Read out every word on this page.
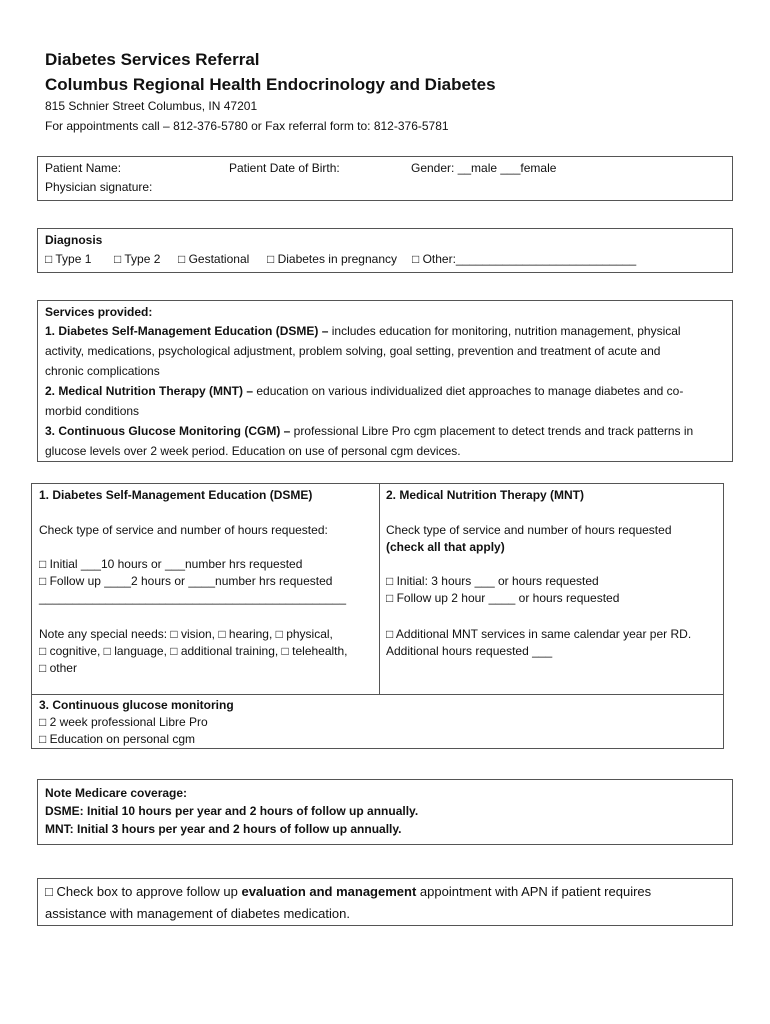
Diabetes Services Referral
Columbus Regional Health Endocrinology and Diabetes
815 Schnier Street Columbus, IN 47201
For appointments call – 812-376-5780 or Fax referral form to: 812-376-5781
Patient Name:	Patient Date of Birth:	Gender: __male ___female
Physician signature:
Diagnosis
□ Type 1 □ Type 2 □ Gestational □ Diabetes in pregnancy □ Other:___________________________
Services provided:
1. Diabetes Self-Management Education (DSME) – includes education for monitoring, nutrition management, physical
activity, medications, psychological adjustment, problem solving, goal setting, prevention and treatment of acute and
chronic complications
2. Medical Nutrition Therapy (MNT) – education on various individualized diet approaches to manage diabetes and co-
morbid conditions
3. Continuous Glucose Monitoring (CGM) – professional Libre Pro cgm placement to detect trends and track patterns in
glucose levels over 2 week period. Education on use of personal cgm devices.
1. Diabetes Self-Management Education (DSME)
Check type of service and number of hours requested:
□ Initial ___10 hours or ___number hrs requested
□ Follow up ____2 hours or ____number hrs requested
______________________________________________
Note any special needs: □ vision, □ hearing, □ physical,
□ cognitive, □ language, □ additional training, □ telehealth,
□ other
2. Medical Nutrition Therapy (MNT)
Check type of service and number of hours requested
(check all that apply)
□ Initial: 3 hours ___ or hours requested
□ Follow up 2 hour ____ or hours requested
□ Additional MNT services in same calendar year per RD.
Additional hours requested ___
3. Continuous glucose monitoring
□ 2 week professional Libre Pro
□ Education on personal cgm
Note Medicare coverage:
DSME: Initial 10 hours per year and 2 hours of follow up annually.
MNT: Initial 3 hours per year and 2 hours of follow up annually.
□ Check box to approve follow up evaluation and management appointment with APN if patient requires
assistance with management of diabetes medication.
